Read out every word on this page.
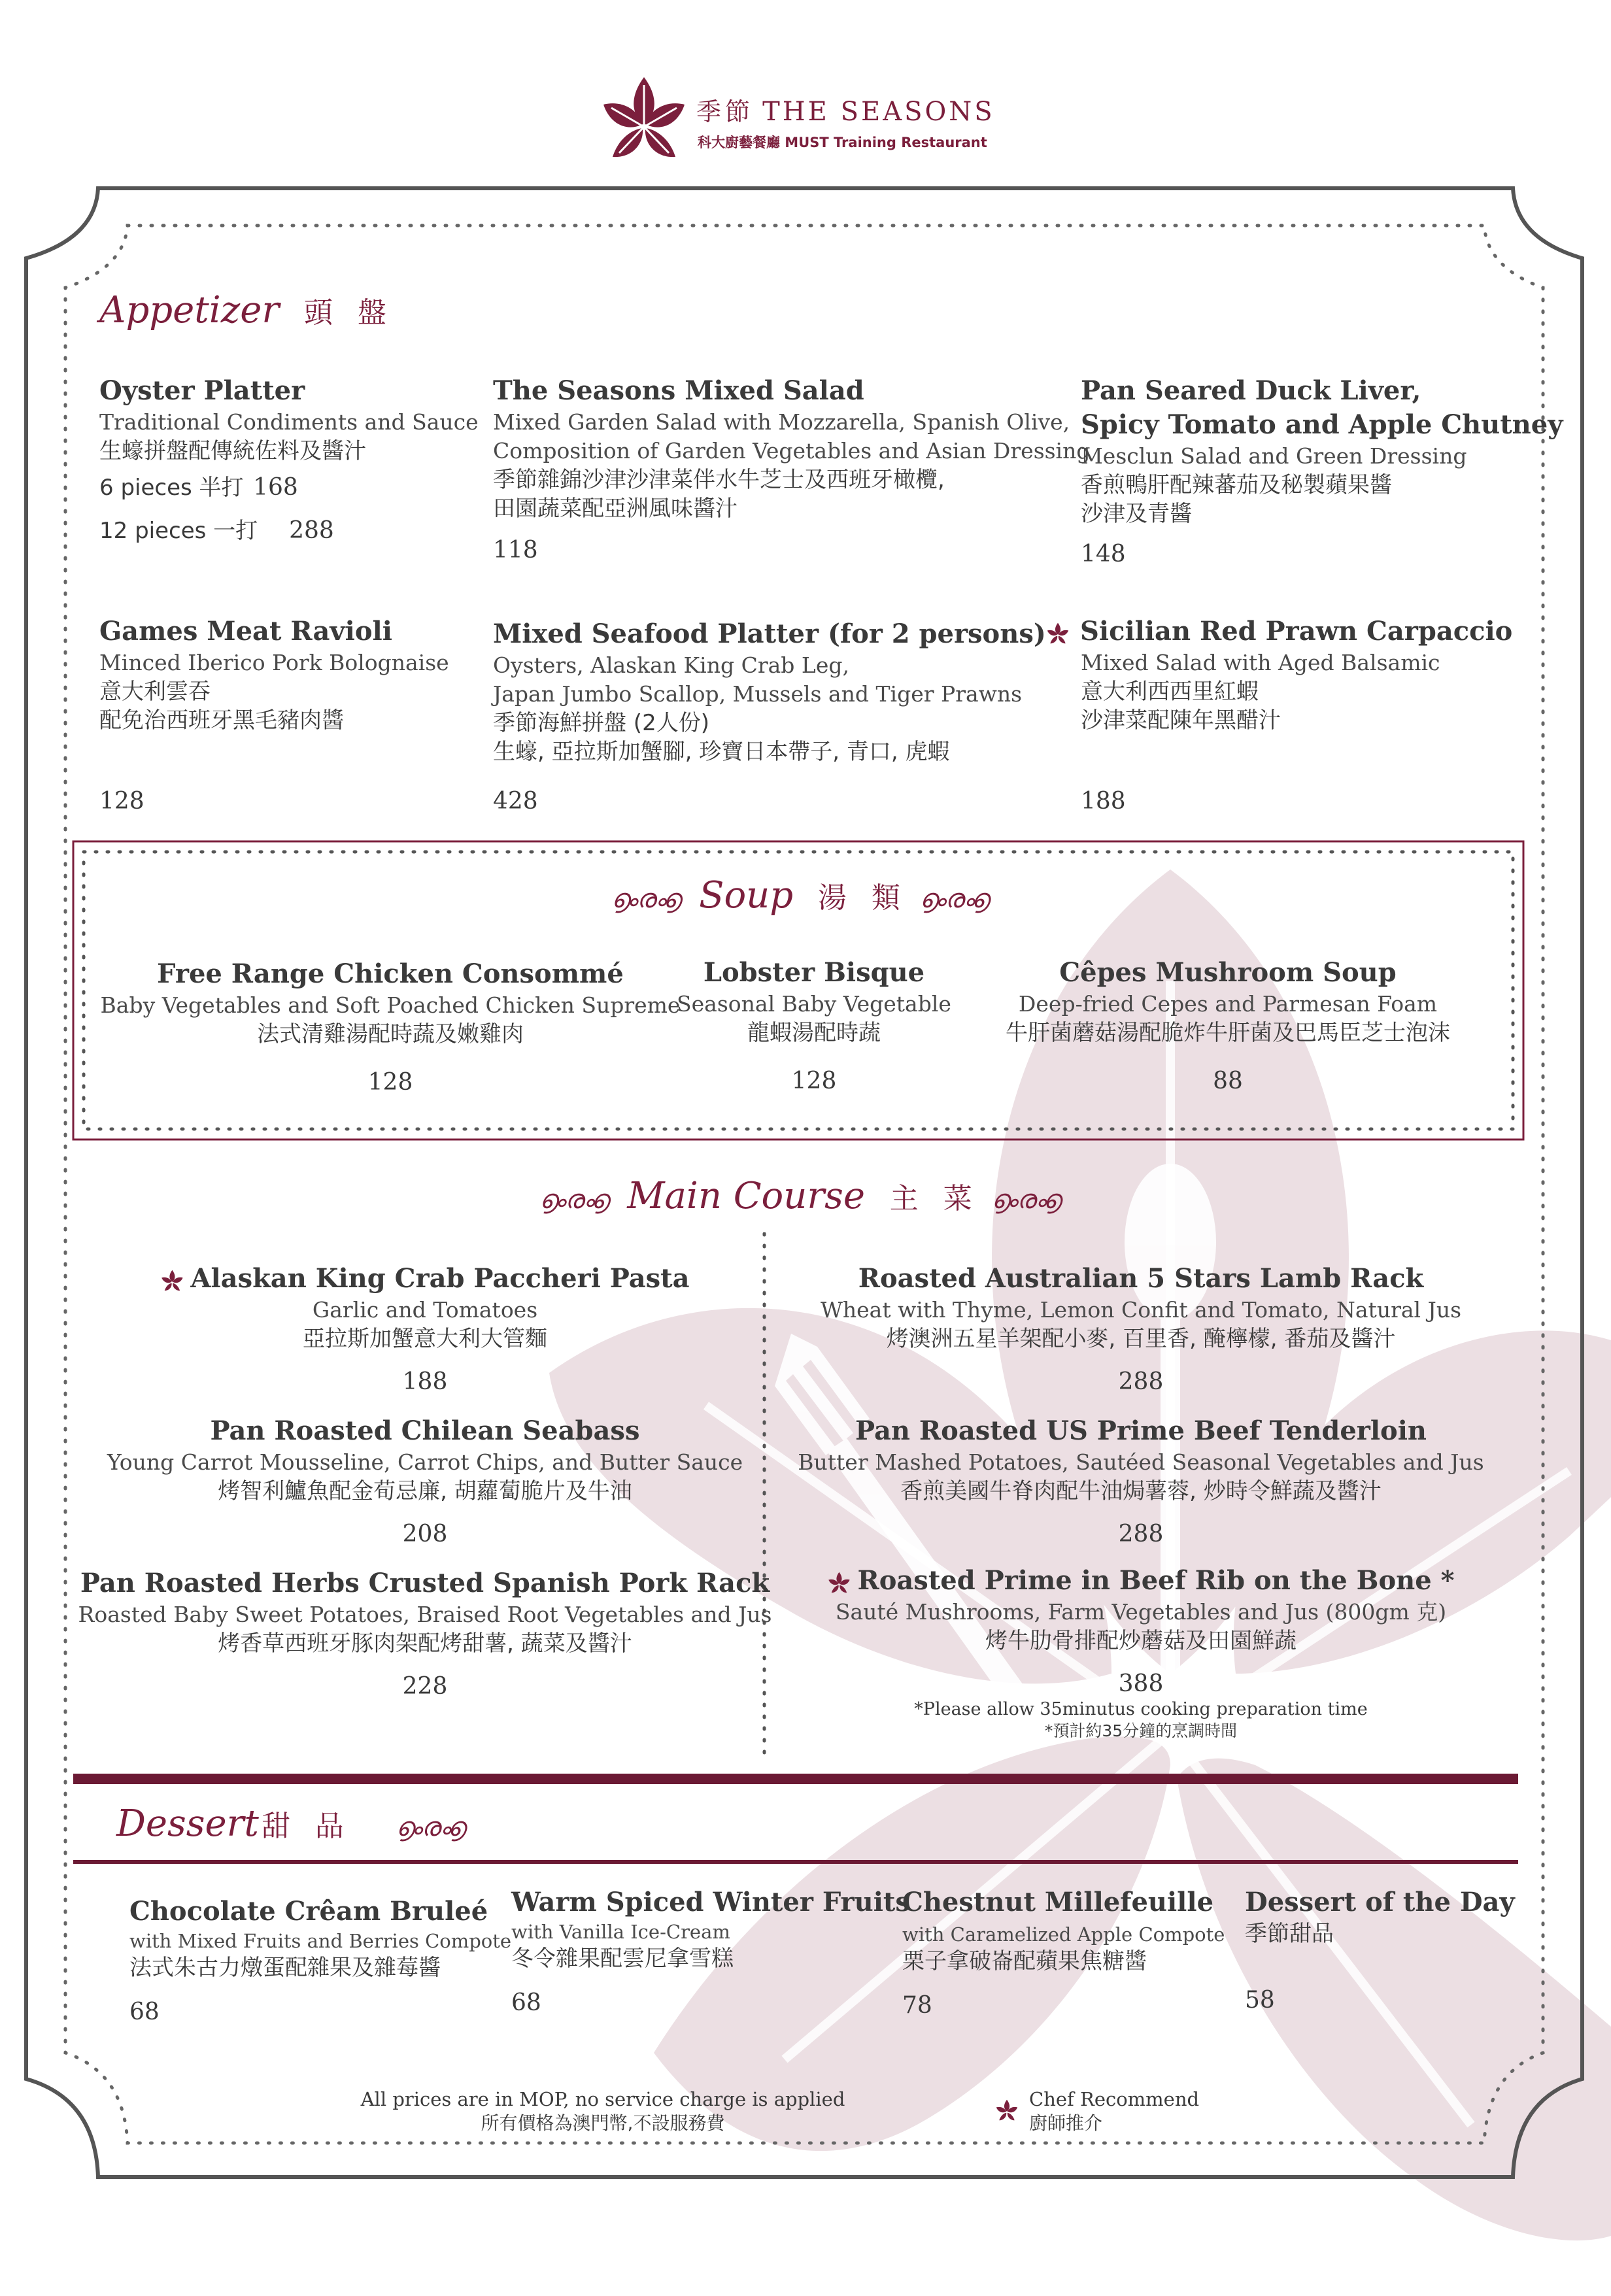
季節 THE SEASONS
科大廚藝餐廳 MUST Training Restaurant
Appetizer 頭 盤
Oyster Platter
Traditional Condiments and Sauce
生蠔拼盤配傳統佐料及醬汁
6 pieces 半打 168
12 pieces 一打 288
The Seasons Mixed Salad
Mixed Garden Salad with Mozzarella, Spanish Olive,
Composition of Garden Vegetables and Asian Dressing
季節雜錦沙津沙津菜伴水牛芝士及西班牙橄欖,
田園蔬菜配亞洲風味醬汁
118
Pan Seared Duck Liver,
Spicy Tomato and Apple Chutney
Mesclun Salad and Green Dressing
香煎鴨肝配辣蕃茄及秘製蘋果醬
沙津及青醬
148
Games Meat Ravioli
Minced Iberico Pork Bolognaise
意大利雲吞
配免治西班牙黑毛豬肉醬
128
Mixed Seafood Platter (for 2 persons)
Oysters, Alaskan King Crab Leg,
Japan Jumbo Scallop, Mussels and Tiger Prawns
季節海鮮拼盤 (2人份)
生蠔, 亞拉斯加蟹腳, 珍寶日本帶子, 青口, 虎蝦
428
Sicilian Red Prawn Carpaccio
Mixed Salad with Aged Balsamic
意大利西西里紅蝦
沙津菜配陳年黑醋汁
188
൭ൟ൭ Soup 湯 類 ൭ൟ൭
Free Range Chicken Consommé
Baby Vegetables and Soft Poached Chicken Supreme
法式清雞湯配時蔬及嫩雞肉
128
Lobster Bisque
Seasonal Baby Vegetable
龍蝦湯配時蔬
128
Cêpes Mushroom Soup
Deep-fried Cepes and Parmesan Foam
牛肝菌蘑菇湯配脆炸牛肝菌及巴馬臣芝士泡沫
88
൭ൟ൭ Main Course 主 菜 ൭ൟ൭
Alaskan King Crab Paccheri Pasta
Garlic and Tomatoes
亞拉斯加蟹意大利大管麵
188
Pan Roasted Chilean Seabass
Young Carrot Mousseline, Carrot Chips, and Butter Sauce
烤智利鱸魚配金荀忌廉, 胡蘿蔔脆片及牛油
208
Pan Roasted Herbs Crusted Spanish Pork Rack
Roasted Baby Sweet Potatoes, Braised Root Vegetables and Jus
烤香草西班牙豚肉架配烤甜薯, 蔬菜及醬汁
228
Roasted Australian 5 Stars Lamb Rack
Wheat with Thyme, Lemon Confit and Tomato, Natural Jus
烤澳洲五星羊架配小麥, 百里香, 醃檸檬, 番茄及醬汁
288
Pan Roasted US Prime Beef Tenderloin
Butter Mashed Potatoes, Sautéed Seasonal Vegetables and Jus
香煎美國牛脊肉配牛油焗薯蓉, 炒時令鮮蔬及醬汁
288
Roasted Prime in Beef Rib on the Bone *
Sauté Mushrooms, Farm Vegetables and Jus (800gm 克)
烤牛肋骨排配炒蘑菇及田園鮮蔬
388
*Please allow 35minutus cooking preparation time
*預計約35分鐘的烹調時間
Dessert甜 品 ൭ൟ൭
Chocolate Crêam Bruleé
with Mixed Fruits and Berries Compote
法式朱古力燉蛋配雜果及雜莓醬
68
Warm Spiced Winter Fruits
with Vanilla Ice-Cream
冬令雜果配雲尼拿雪糕
68
Chestnut Millefeuille
with Caramelized Apple Compote
栗子拿破崙配蘋果焦糖醬
78
Dessert of the Day
季節甜品
58
All prices are in MOP, no service charge is applied
所有價格為澳門幣,不設服務費
Chef Recommend
廚師推介
